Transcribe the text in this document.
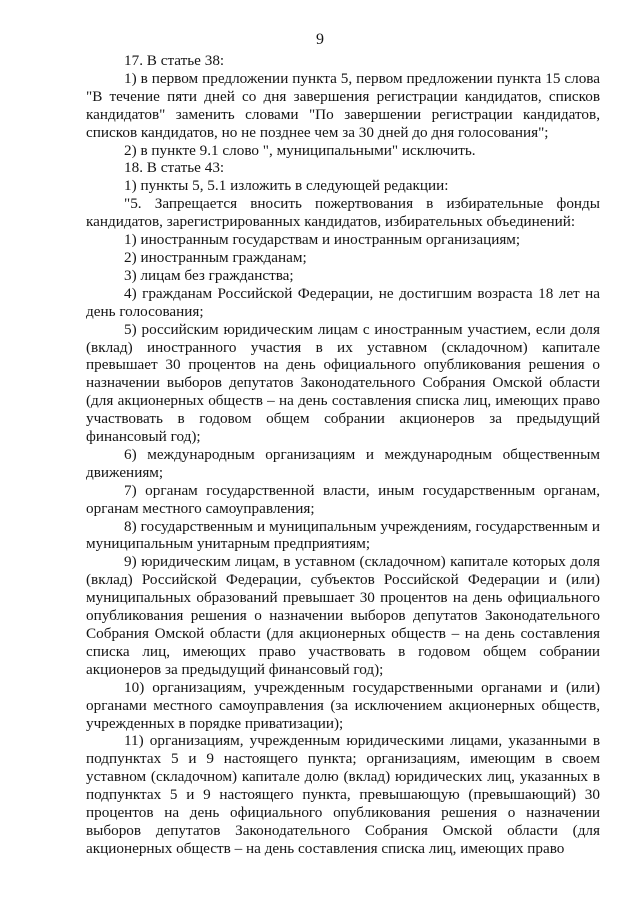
9

17. В статье 38:

1) в первом предложении пункта 5, первом предложении пункта 15 слова "В течение пяти дней со дня завершения регистрации кандидатов, списков кандидатов" заменить словами "По завершении регистрации кандидатов, списков кандидатов, но не позднее чем за 30 дней до дня голосования";

2) в пункте 9.1 слово ", муниципальными" исключить.

18. В статье 43:

1) пункты 5, 5.1 изложить в следующей редакции:

"5. Запрещается вносить пожертвования в избирательные фонды кандидатов, зарегистрированных кандидатов, избирательных объединений:

1) иностранным государствам и иностранным организациям;

2) иностранным гражданам;

3) лицам без гражданства;

4) гражданам Российской Федерации, не достигшим возраста 18 лет на день голосования;

5) российским юридическим лицам с иностранным участием, если доля (вклад) иностранного участия в их уставном (складочном) капитале превышает 30 процентов на день официального опубликования решения о назначении выборов депутатов Законодательного Собрания Омской области (для акционерных обществ – на день составления списка лиц, имеющих право участвовать в годовом общем собрании акционеров за предыдущий финансовый год);

6) международным организациям и международным общественным движениям;

7) органам государственной власти, иным государственным органам, органам местного самоуправления;

8) государственным и муниципальным учреждениям, государственным и муниципальным унитарным предприятиям;

9) юридическим лицам, в уставном (складочном) капитале которых доля (вклад) Российской Федерации, субъектов Российской Федерации и (или) муниципальных образований превышает 30 процентов на день официального опубликования решения о назначении выборов депутатов Законодательного Собрания Омской области (для акционерных обществ – на день составления списка лиц, имеющих право участвовать в годовом общем собрании акционеров за предыдущий финансовый год);

10) организациям, учрежденным государственными органами и (или) органами местного самоуправления (за исключением акционерных обществ, учрежденных в порядке приватизации);

11) организациям, учрежденным юридическими лицами, указанными в подпунктах 5 и 9 настоящего пункта; организациям, имеющим в своем уставном (складочном) капитале долю (вклад) юридических лиц, указанных в подпунктах 5 и 9 настоящего пункта, превышающую (превышающий) 30 процентов на день официального опубликования решения о назначении выборов депутатов Законодательного Собрания Омской области (для акционерных обществ – на день составления списка лиц, имеющих право
